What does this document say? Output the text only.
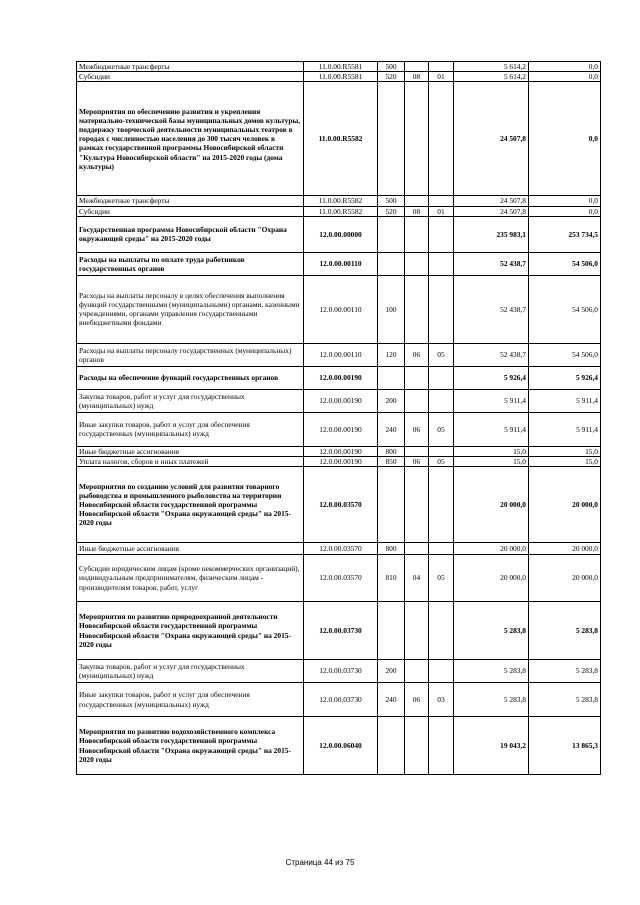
Межбюджетные трансферты	11.0.00.R5581	500			5 614,2	0,0
Субсидии	11.0.00.R5581	520	08	01	5 614,2	0,0
Мероприятия по обеспечению развития и укрепления материально-технической базы муниципальных домов культуры, поддержку творческой деятельности муниципальных театров в городах с численностью населения до 300 тысяч человек в рамках государственной программы Новосибирской области "Культура Новосибирской области" на 2015-2020 годы (дома культуры)	11.0.00.R5582				24 507,8	0,0
Межбюджетные трансферты	11.0.00.R5582	500			24 507,8	0,0
Субсидии	11.0.00.R5582	520	08	01	24 507,8	0,0
Государственная программа Новосибирской области "Охрана окружающей среды" на 2015-2020 годы	12.0.00.00000				235 983,1	253 734,5
Расходы на выплаты по оплате труда работников государственных органов	12.0.00.00110				52 438,7	54 506,0
Расходы на выплаты персоналу в целях обеспечения выполнения функций государственными (муниципальными) органами, казенными учреждениями, органами управления государственными внебюджетными фондами	12.0.00.00110	100			52 438,7	54 506,0
Расходы на выплаты персоналу государственных (муниципальных) органов	12.0.00.00110	120	06	05	52 438,7	54 506,0
Расходы на обеспечение функций государственных органов	12.0.00.00190				5 926,4	5 926,4
Закупка товаров, работ и услуг для государственных (муниципальных) нужд	12.0.00.00190	200			5 911,4	5 911,4
Иные закупки товаров, работ и услуг для обеспечения государственных (муниципальных) нужд	12.0.00.00190	240	06	05	5 911,4	5 911,4
Иные бюджетные ассигнования	12.0.00.00190	800			15,0	15,0
Уплата налогов, сборов и иных платежей	12.0.00.00190	850	06	05	15,0	15,0
Мероприятия по созданию условий для развития товарного рыбоводства и промышленного рыболовства на территории Новосибирской области государственной программы Новосибирской области "Охрана окружающей среды" на 2015-2020 годы	12.0.00.03570				20 000,0	20 000,0
Иные бюджетные ассигнования	12.0.00.03570	800			20 000,0	20 000,0
Субсидии юридическим лицам (кроме некоммерческих организаций), индивидуальным предпринимателям, физическим лицам - производителям товаров, работ, услуг	12.0.00.03570	810	04	05	20 000,0	20 000,0
Мероприятия по развитию природоохранной деятельности Новосибирской области государственной программы Новосибирской области "Охрана окружающей среды" на 2015-2020 годы	12.0.00.03730				5 283,8	5 283,8
Закупка товаров, работ и услуг для государственных (муниципальных) нужд	12.0.00.03730	200			5 283,8	5 283,8
Иные закупки товаров, работ и услуг для обеспечения государственных (муниципальных) нужд	12.0.00.03730	240	06	03	5 283,8	5 283,8
Мероприятия по развитию водохозяйственного комплекса Новосибирской области государственной программы Новосибирской области "Охрана окружающей среды" на 2015-2020 годы	12.0.00.06040				19 043,2	13 865,3
Страница 44 из 75
